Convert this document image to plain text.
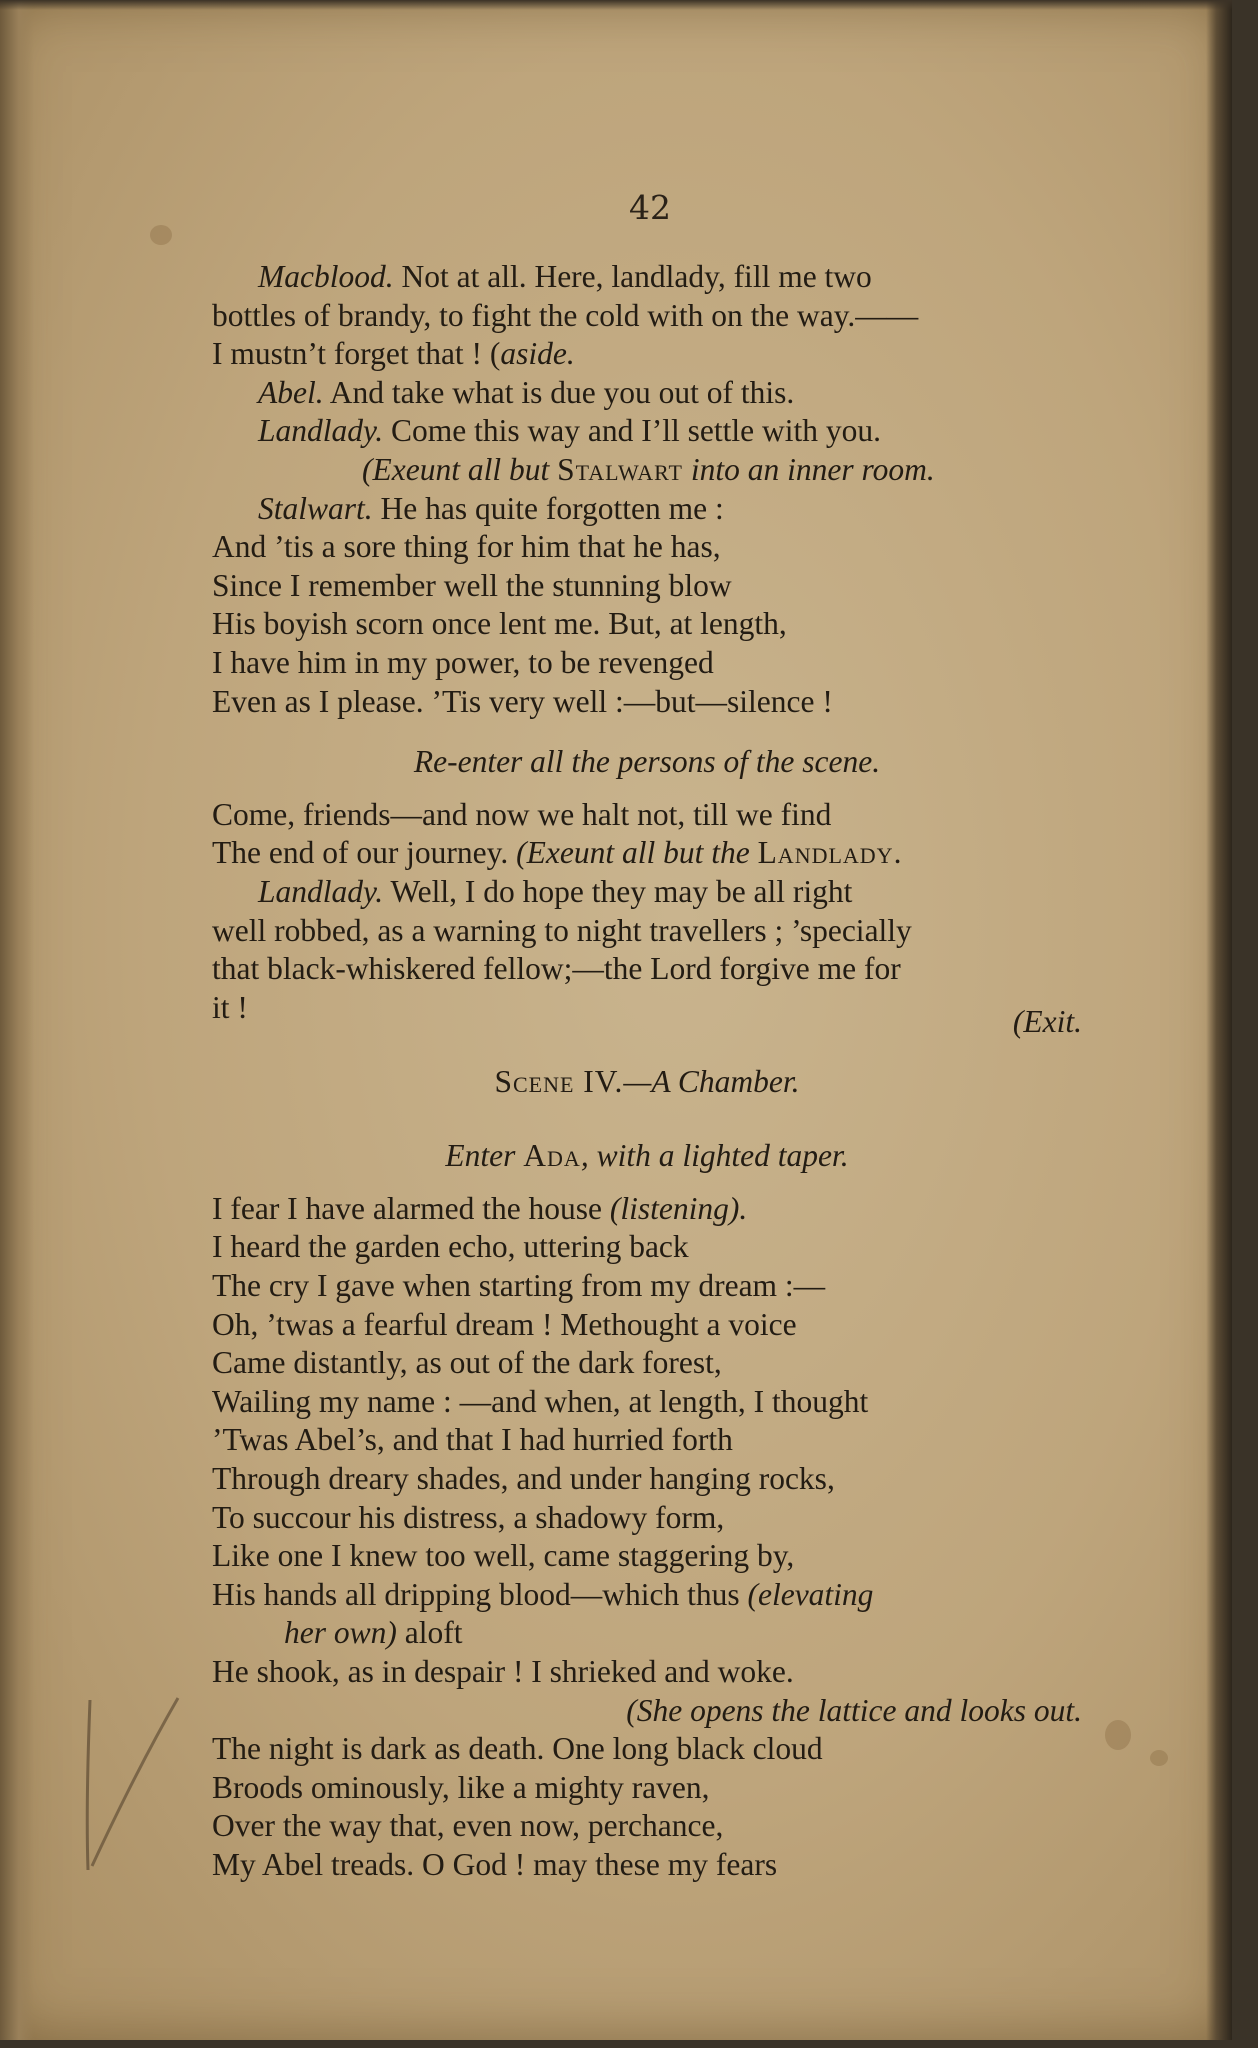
42
Macblood. Not at all. Here, landlady, fill me two
bottles of brandy, to fight the cold with on the way.——
I mustn’t forget that ! (aside.
Abel. And take what is due you out of this.
Landlady. Come this way and I’ll settle with you.
(Exeunt all but Stalwart into an inner room.
Stalwart. He has quite forgotten me :
And ’tis a sore thing for him that he has,
Since I remember well the stunning blow
His boyish scorn once lent me. But, at length,
I have him in my power, to be revenged
Even as I please. ’Tis very well :—but—silence !
Re-enter all the persons of the scene.
Come, friends—and now we halt not, till we find
The end of our journey. (Exeunt all but the Landlady.
Landlady. Well, I do hope they may be all right
well robbed, as a warning to night travellers ; ’specially
that black-whiskered fellow;—the Lord forgive me for
it !	(Exit.
Scene IV.—A Chamber.
Enter Ada, with a lighted taper.
I fear I have alarmed the house (listening).
I heard the garden echo, uttering back
The cry I gave when starting from my dream :—
Oh, ’twas a fearful dream ! Methought a voice
Came distantly, as out of the dark forest,
Wailing my name : —and when, at length, I thought
’Twas Abel’s, and that I had hurried forth
Through dreary shades, and under hanging rocks,
To succour his distress, a shadowy form,
Like one I knew too well, came staggering by,
His hands all dripping blood—which thus (elevating
her own) aloft
He shook, as in despair ! I shrieked and woke.
(She opens the lattice and looks out.
The night is dark as death. One long black cloud
Broods ominously, like a mighty raven,
Over the way that, even now, perchance,
My Abel treads. O God ! may these my fears
